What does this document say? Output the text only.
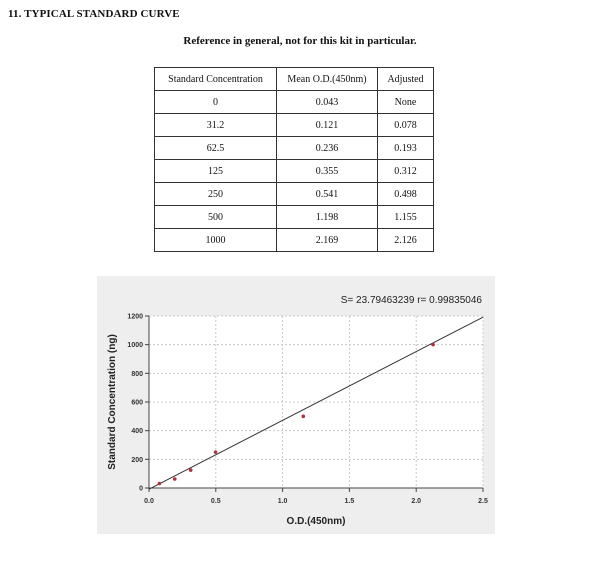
11. TYPICAL STANDARD CURVE
Reference in general, not for this kit in particular.
Standard Concentration	Mean O.D.(450nm)	Adjusted
0	0.043	None
31.2	0.121	0.078
62.5	0.236	0.193
125	0.355	0.312
250	0.541	0.498
500	1.198	1.155
1000	2.169	2.126
0.0	0.5	1.0	1.5	2.0	2.5
0
200
400
600
800
1000
1200
S= 23.79463239 r= 0.99835046
O.D.(450nm)
Standard Concentration (ng)
